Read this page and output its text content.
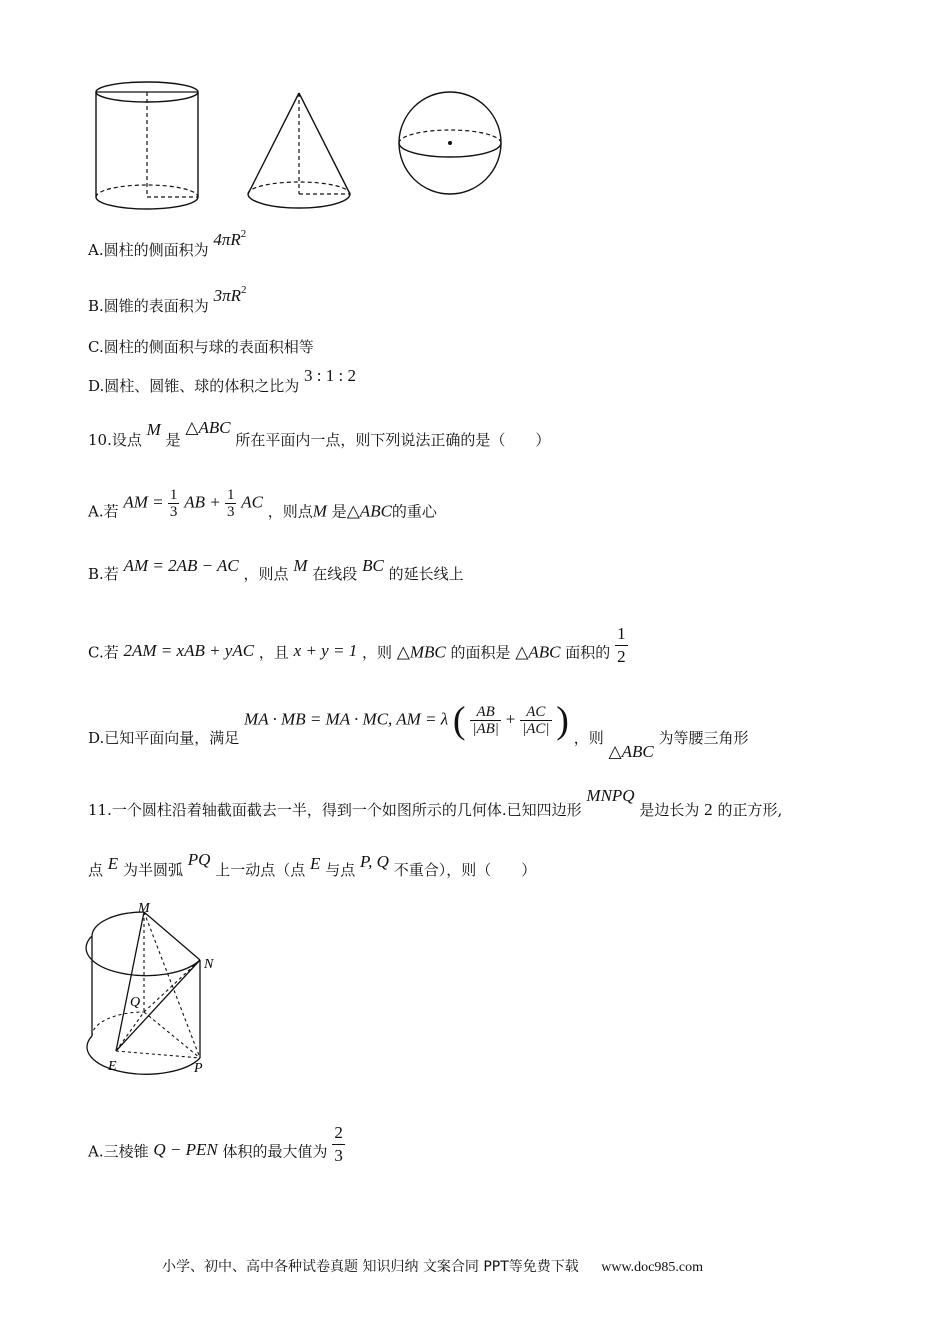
A.圆柱的侧面积为 $4\pi R^2$
B.圆锥的表面积为 $3\pi R^2$
C.圆柱的侧面积与球的表面积相等
D.圆柱、圆锥、球的体积之比为 3 : 1 : 2
10.设点 M 是 △ABC 所在平面内一点，则下列说法正确的是（　　）
A.若 AM = $\frac{1}{3}$ AB + $\frac{1}{3}$ AC ，则点M 是△ABC的重心
B.若 AM = 2AB − AC ，则点 M 在线段 BC 的延长线上
C.若 2AM = xAB + yAC ，且 x + y = 1 ，则 △MBC 的面积是 △ABC 面积的 $\frac{1}{2}$
D.已知平面向量，满足 MA · MB = MA · MC, AM = λ ( $\frac{AB}{|AB|} + \frac{AC}{|AC|}$ ) ，则 △ABC 为等腰三角形
11.一个圆柱沿着轴截面截去一半，得到一个如图所示的几何体.已知四边形 MNPQ 是边长为 2 的正方形,
点 E 为半圆弧 PQ 上一动点（点 E 与点 P, Q 不重合），则（　　）
M
N
Q
E	P
A.三棱锥 Q − PEN 体积的最大值为 $\frac{2}{3}$
小学、初中、高中各种试卷真题 知识归纳 文案合同 PPT等免费下载 www.doc985.com
